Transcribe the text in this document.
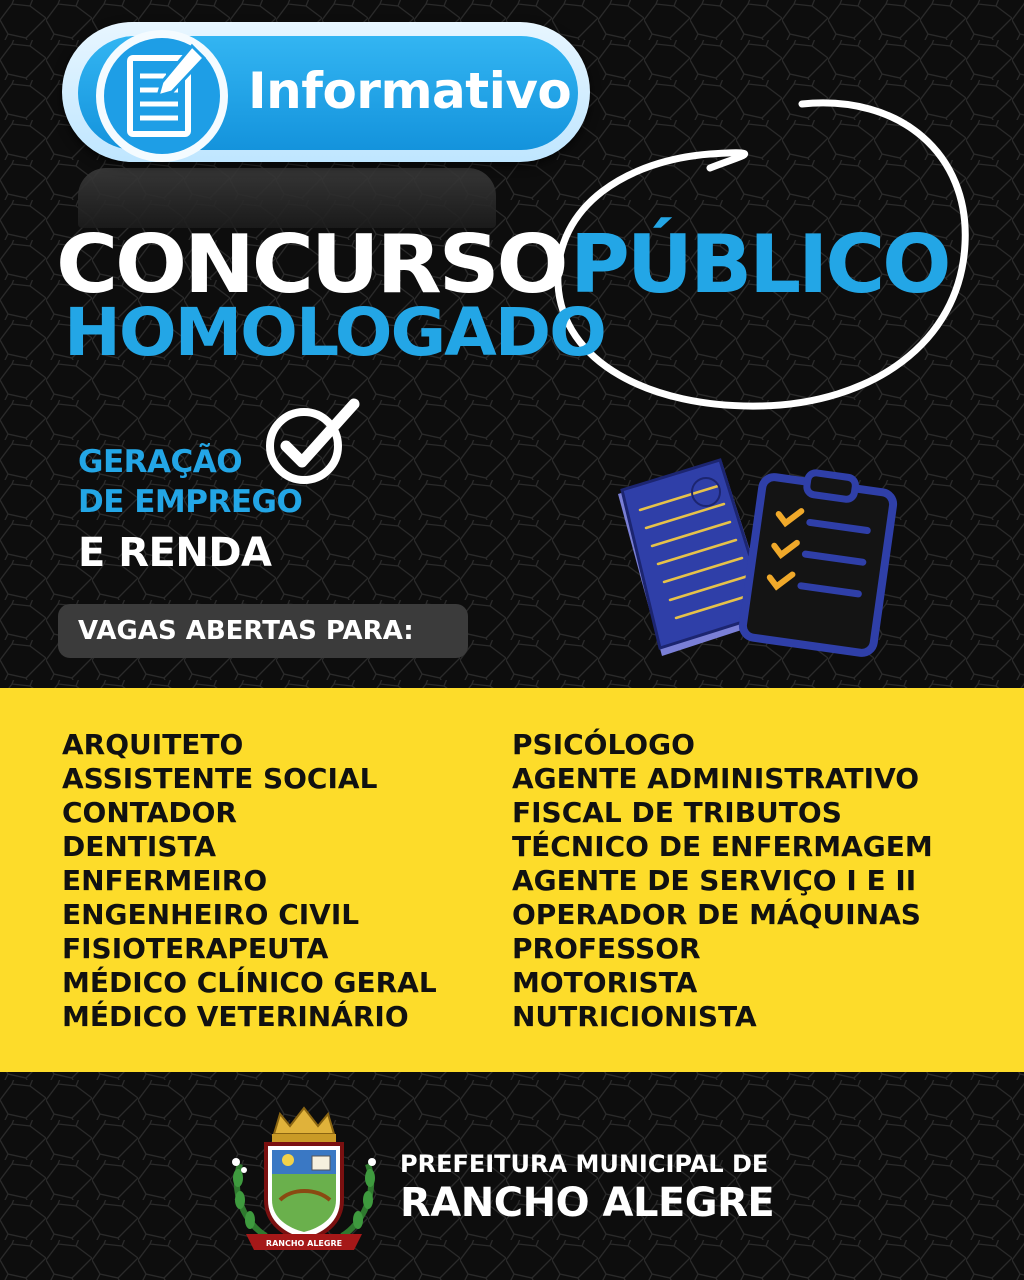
Informativo
CONCURSO PÚBLICO
HOMOLOGADO
GERAÇÃO
DE EMPREGO
E RENDA
VAGAS ABERTAS PARA:
ARQUITETO
ASSISTENTE SOCIAL
CONTADOR
DENTISTA
ENFERMEIRO
ENGENHEIRO CIVIL
FISIOTERAPEUTA
MÉDICO CLÍNICO GERAL
MÉDICO VETERINÁRIO
PSICÓLOGO
AGENTE ADMINISTRATIVO
FISCAL DE TRIBUTOS
TÉCNICO DE ENFERMAGEM
AGENTE DE SERVIÇO I E II
OPERADOR DE MÁQUINAS
PROFESSOR
MOTORISTA
NUTRICIONISTA
RANCHO ALEGRE
PREFEITURA MUNICIPAL DE
RANCHO ALEGRE
